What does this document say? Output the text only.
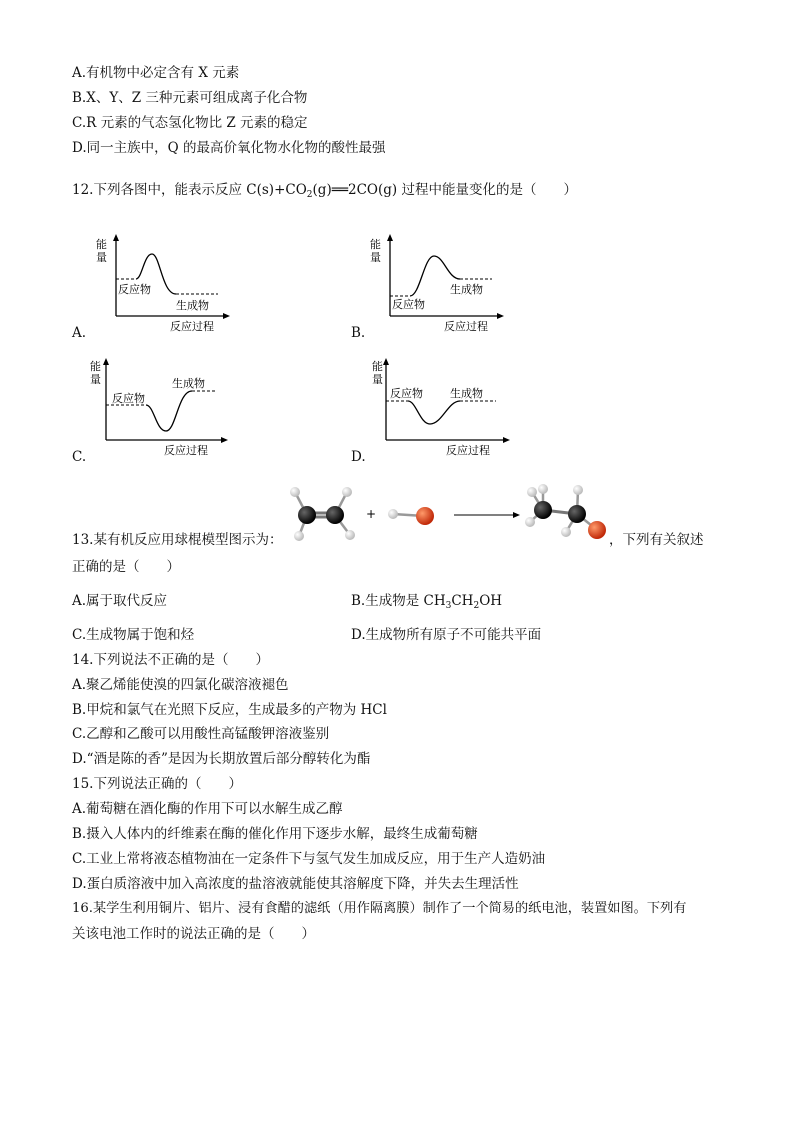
A.有机物中必定含有 X 元素
B.X、Y、Z 三种元素可组成离子化合物
C.R 元素的气态氢化物比 Z 元素的稳定
D.同一主族中，Q 的最高价氧化物水化物的酸性最强
12.下列各图中，能表示反应 $C(s)+CO_2(g)══2CO(g)$ 过程中能量变化的是（　　）
能
量
反应物
生成物
反应过程
A.
能
量
反应物
生成物
反应过程
B.
能
量
反应物
生成物
反应过程
C.
能
量
反应物 生成物
反应过程
D.
+
13.某有机反应用球棍模型图示为：	，下列有关叙述
正确的是（　　）
A.属于取代反应	B.生成物是 $CH_3CH_2OH$
C.生成物属于饱和烃	D.生成物所有原子不可能共平面
14.下列说法不正确的是（　　）
A.聚乙烯能使溴的四氯化碳溶液褪色
B.甲烷和氯气在光照下反应，生成最多的产物为 HCl
C.乙醇和乙酸可以用酸性高锰酸钾溶液鉴别
D.“酒是陈的香”是因为长期放置后部分醇转化为酯
15.下列说法正确的（　　）
A.葡萄糖在酒化酶的作用下可以水解生成乙醇
B.摄入人体内的纤维素在酶的催化作用下逐步水解，最终生成葡萄糖
C.工业上常将液态植物油在一定条件下与氢气发生加成反应，用于生产人造奶油
D.蛋白质溶液中加入高浓度的盐溶液就能使其溶解度下降，并失去生理活性
16.某学生利用铜片、铝片、浸有食醋的滤纸（用作隔离膜）制作了一个简易的纸电池，装置如图。下列有
关该电池工作时的说法正确的是（　　）
